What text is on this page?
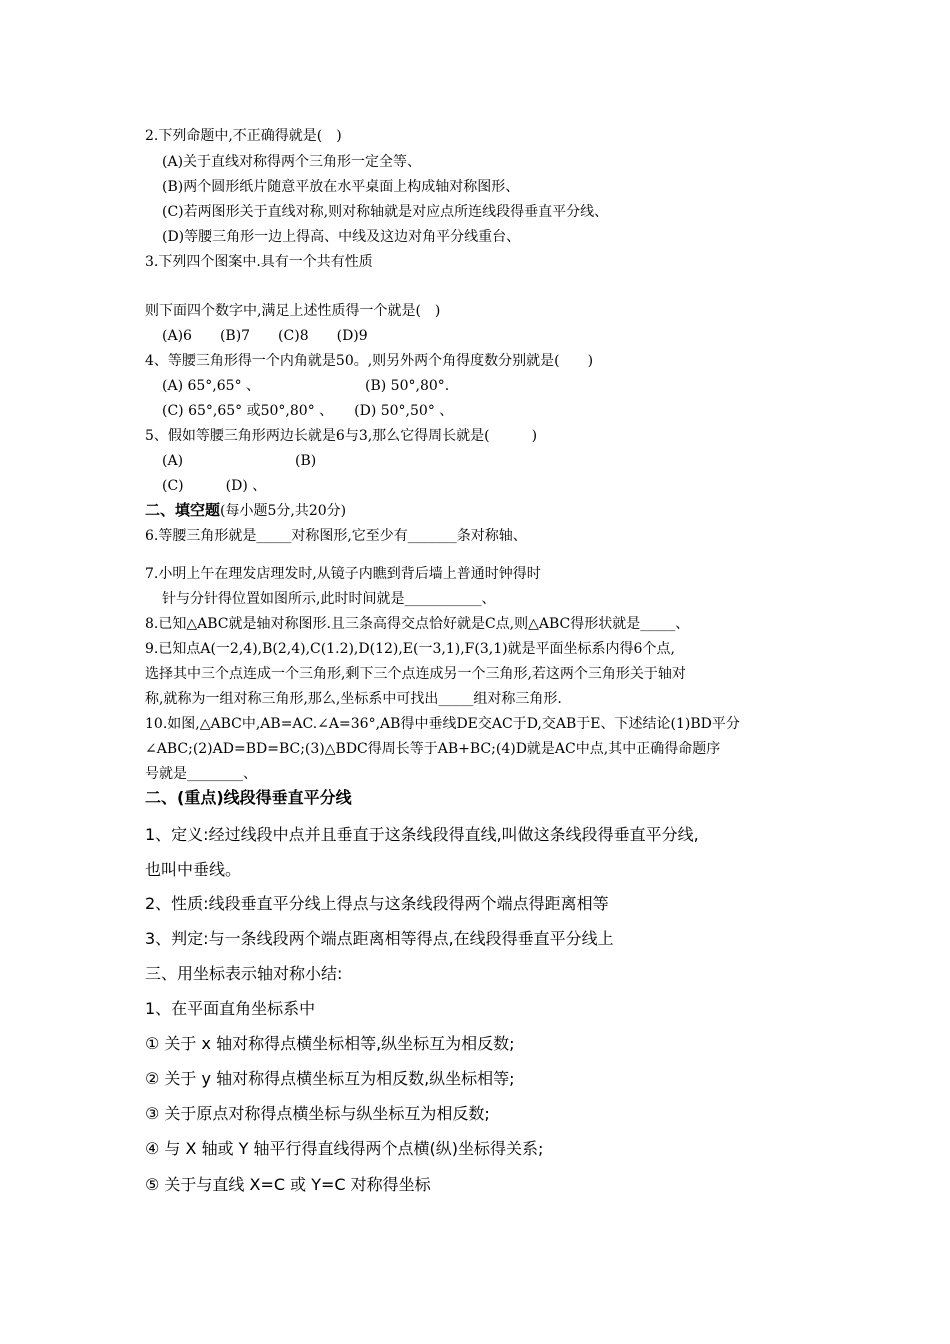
2.下列命题中,不正确得就是(　)
(A)关于直线对称得两个三角形一定全等、
(B)两个圆形纸片随意平放在水平桌面上构成轴对称图形、
(C)若两图形关于直线对称,则对称轴就是对应点所连线段得垂直平分线、
(D)等腰三角形一边上得高、中线及这边对角平分线重台、
3.下列四个图案中.具有一个共有性质
则下面四个数字中,满足上述性质得一个就是(　)
(A)6　　(B)7　　(C)8　　(D)9
4、等腰三角形得一个内角就是50。,则另外两个角得度数分别就是(　　)
(A) 65°,65° 、　　　　　　　　(B) 50°,80°.
(C) 65°,65° 或50°,80° 、　　(D) 50°,50° 、
5、假如等腰三角形两边长就是6与3,那么它得周长就是(　　　)
(A)　　　　　　　　(B)
(C)　　　(D) 、
二、填空题(每小题5分,共20分)
6.等腰三角形就是_____对称图形,它至少有_______条对称轴、
7.小明上午在理发店理发时,从镜子内瞧到背后墙上普通时钟得时
针与分针得位置如图所示,此时时间就是___________、
8.已知△ABC就是轴对称图形.且三条高得交点恰好就是C点,则△ABC得形状就是_____、
9.已知点A(一2,4),B(2,4),C(1.2),D(12),E(一3,1),F(3,1)就是平面坐标系内得6个点,
选择其中三个点连成一个三角形,剩下三个点连成另一个三角形,若这两个三角形关于轴对
称,就称为一组对称三角形,那么,坐标系中可找出_____组对称三角形.
10.如图,△ABC中,AB=AC.∠A=36°,AB得中垂线DE交AC于D,交AB于E、下述结论(1)BD平分
∠ABC;(2)AD=BD=BC;(3)△BDC得周长等于AB+BC;(4)D就是AC中点,其中正确得命题序
号就是________、
二、(重点)线段得垂直平分线
1、定义:经过线段中点并且垂直于这条线段得直线,叫做这条线段得垂直平分线,
也叫中垂线。
2、性质:线段垂直平分线上得点与这条线段得两个端点得距离相等
3、判定:与一条线段两个端点距离相等得点,在线段得垂直平分线上
三、用坐标表示轴对称小结:
1、在平面直角坐标系中
① 关于 x 轴对称得点横坐标相等,纵坐标互为相反数;
② 关于 y 轴对称得点横坐标互为相反数,纵坐标相等;
③ 关于原点对称得点横坐标与纵坐标互为相反数;
④ 与 X 轴或 Y 轴平行得直线得两个点横(纵)坐标得关系;
⑤ 关于与直线 X=C 或 Y=C 对称得坐标
